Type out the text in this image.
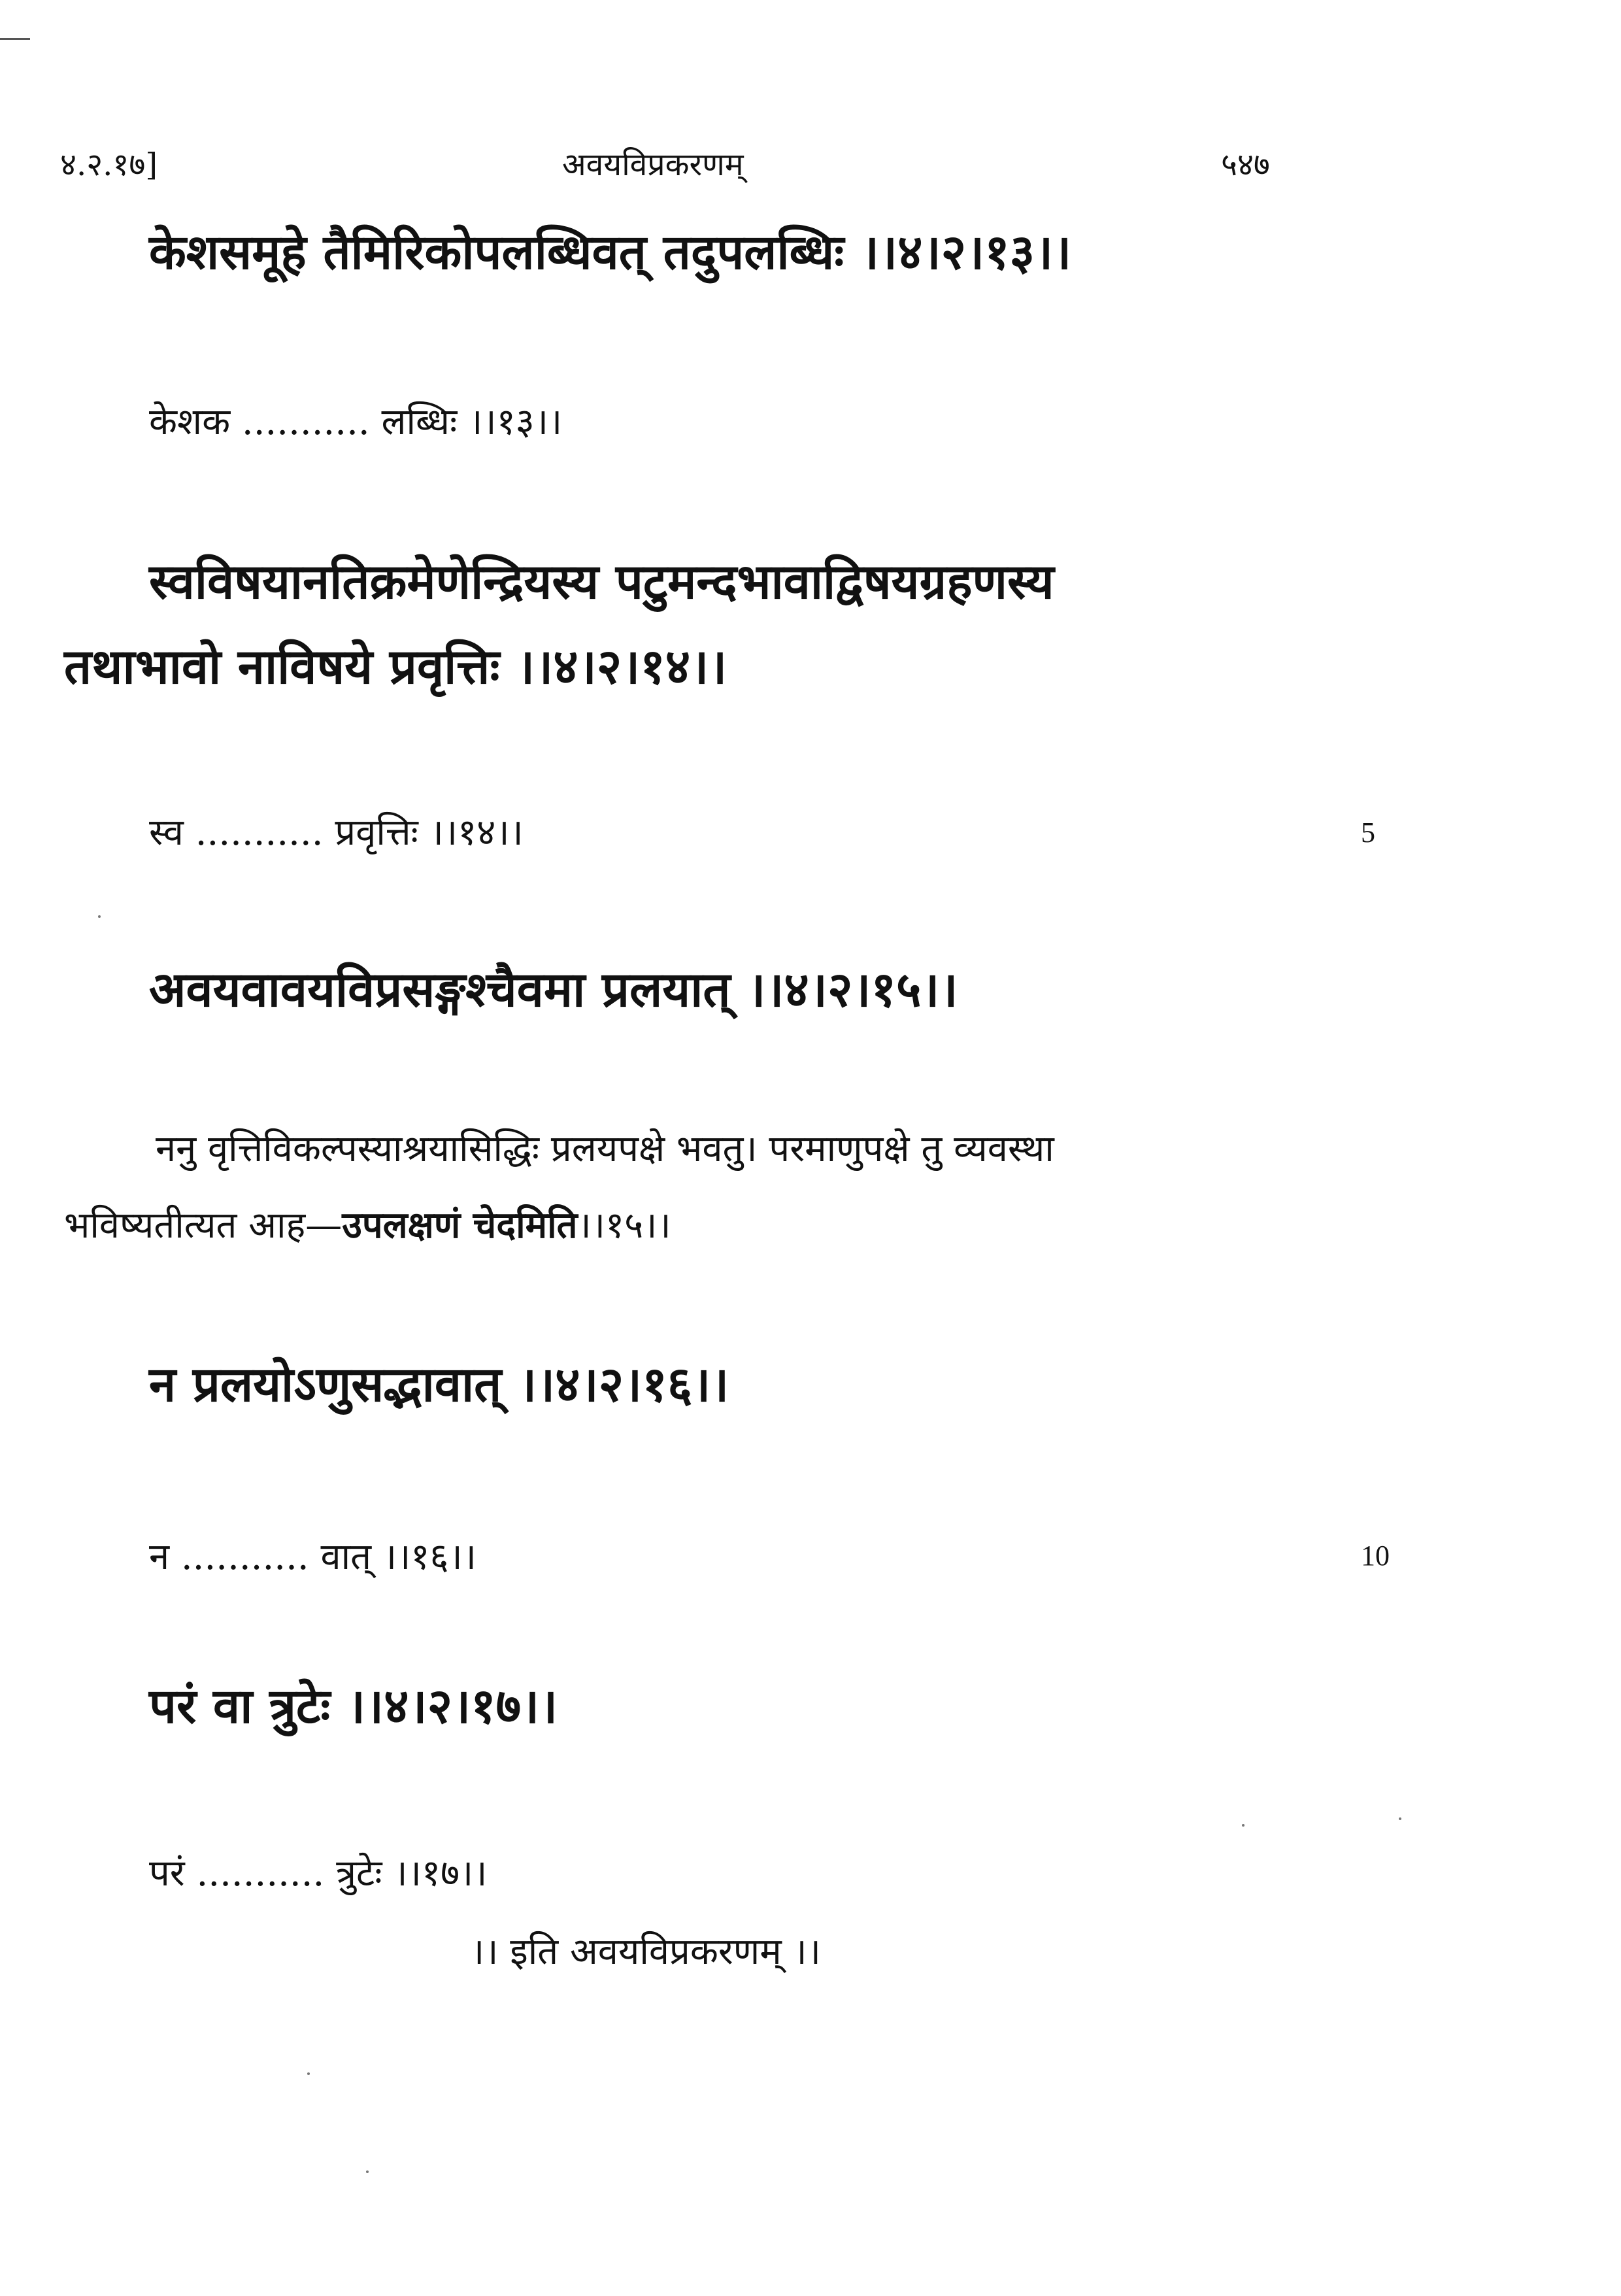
४.२.१७]	अवयविप्रकरणम्	५४७
केशसमूहे तैमिरिकोपलब्धिवत् तदुपलब्धिः ।।४।२।१३।।
केशक ........... लब्धिः ।।१३।।
स्वविषयानतिक्रमेणेन्द्रियस्य पटुमन्दभावाद्विषयग्रहणस्य
तथाभावो नाविषये प्रवृत्तिः ।।४।२।१४।।
स्व ........... प्रवृत्तिः ।।१४।।	5
अवयवावयविप्रसङ्गश्चैवमा प्रलयात् ।।४।२।१५।।
ननु वृत्तिविकल्पस्याश्रयासिद्धिः प्रलयपक्षे भवतु। परमाणुपक्षे तु व्यवस्था
भविष्यतीत्यत आह—उपलक्षणं चेदमिति।।१५।।
न प्रलयोऽणुसद्भावात् ।।४।२।१६।।
न ........... वात् ।।१६।।	10
परं वा त्रुटेः ।।४।२।१७।।
परं ........... त्रुटेः ।।१७।।
।। इति अवयविप्रकरणम् ।।
